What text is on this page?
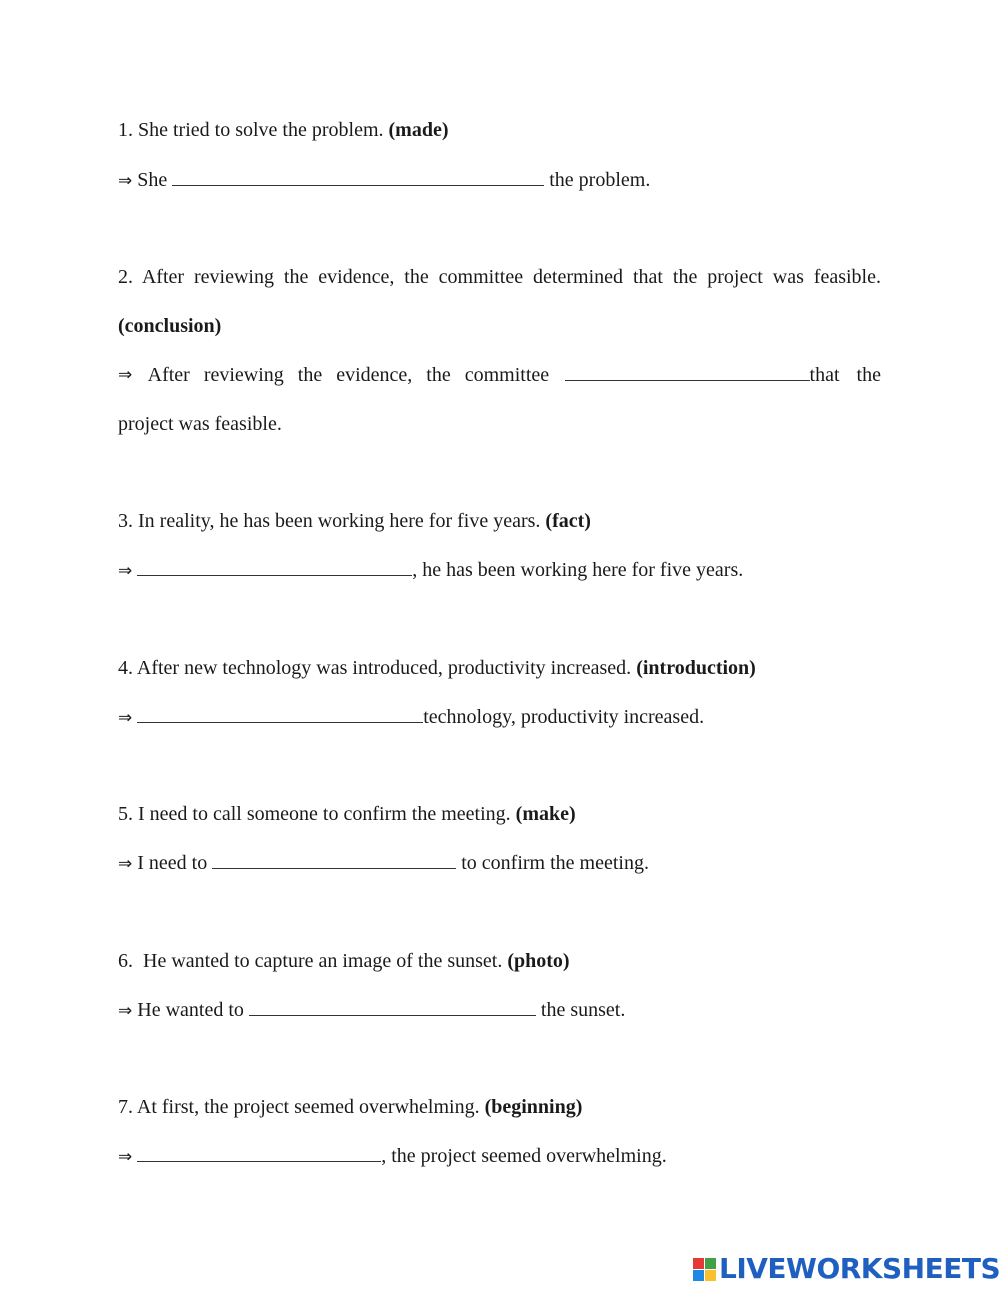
1. She tried to solve the problem. (made)
⇒ She	the problem.
2. After reviewing the evidence, the committee determined that the project was feasible.
(conclusion)
⇒ After reviewing the evidence, the committee	that the
project was feasible.
3. In reality, he has been working here for five years. (fact)
⇒	, he has been working here for five years.
4. After new technology was introduced, productivity increased. (introduction)
⇒	technology, productivity increased.
5. I need to call someone to confirm the meeting. (make)
⇒ I need to	to confirm the meeting.
6.  He wanted to capture an image of the sunset. (photo)
⇒ He wanted to	the sunset.
7. At first, the project seemed overwhelming. (beginning)
⇒	, the project seemed overwhelming.
LIVEWORKSHEETS
